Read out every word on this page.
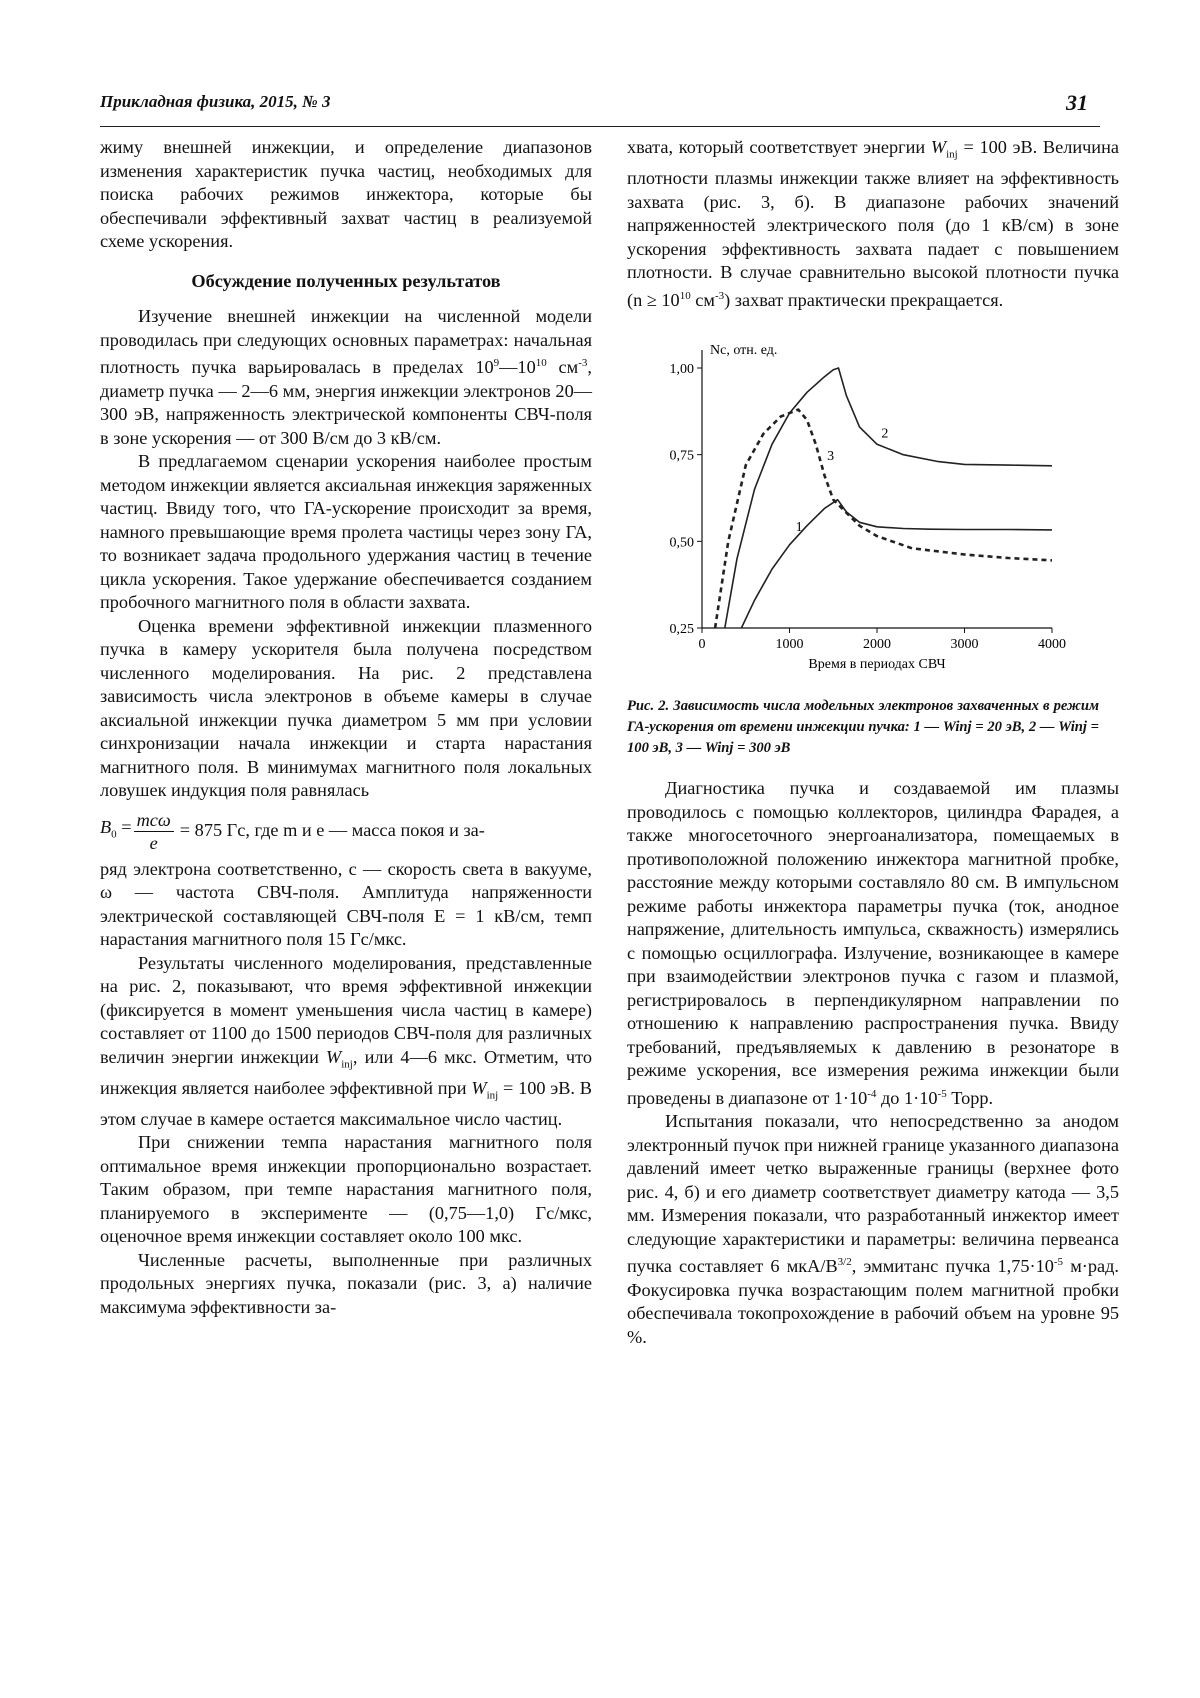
Прикладная физика, 2015, № 3	31

жиму внешней инжекции, и определение диапазонов изменения характеристик пучка частиц, необходимых для поиска рабочих режимов инжектора, которые бы обеспечивали эффективный захват частиц в реализуемой схеме ускорения.

Обсуждение полученных результатов

Изучение внешней инжекции на численной модели проводилась при следующих основных параметрах: начальная плотность пучка варьировалась в пределах $10^9—10^{10}$ $см^{-3}$, диаметр пучка — 2—6 мм, энергия инжекции электронов 20—300 эВ, напряженность электрической компоненты СВЧ-поля в зоне ускорения — от 300 В/см до 3 кВ/см.

В предлагаемом сценарии ускорения наиболее простым методом инжекции является аксиальная инжекция заряженных частиц. Ввиду того, что ГА-ускорение происходит за время, намного превышающие время пролета частицы через зону ГА, то возникает задача продольного удержания частиц в течение цикла ускорения. Такое удержание обеспечивается созданием пробочного магнитного поля в области захвата.

Оценка времени эффективной инжекции плазменного пучка в камеру ускорителя была получена посредством численного моделирования. На рис. 2 представлена зависимость числа электронов в объеме камеры в случае аксиальной инжекции пучка диаметром 5 мм при условии синхронизации начала инжекции и старта нарастания магнитного поля. В минимумах магнитного поля локальных ловушек индукция поля равнялась

$B_0 = \frac{\text{mcω}}{e} = 875$ Гс, где m и e — масса покоя и за-

ряд электрона соответственно, c — скорость света в вакууме, ω — частота СВЧ-поля. Амплитуда напряженности электрической составляющей СВЧ-поля E = 1 кВ/см, темп нарастания магнитного поля 15 Гс/мкс.

Результаты численного моделирования, представленные на рис. 2, показывают, что время эффективной инжекции (фиксируется в момент уменьшения числа частиц в камере) составляет от 1100 до 1500 периодов СВЧ-поля для различных величин энергии инжекции $W_{inj}$, или 4—6 мкс. Отметим, что инжекция является наиболее эффективной при $W_{inj} = 100$ эВ. В этом случае в камере остается максимальное число частиц.

При снижении темпа нарастания магнитного поля оптимальное время инжекции пропорционально возрастает. Таким образом, при темпе нарастания магнитного поля, планируемого в эксперименте — (0,75—1,0) Гс/мкс, оценочное время инжекции составляет около 100 мкс.

Численные расчеты, выполненные при различных продольных энергиях пучка, показали (рис. 3, а) наличие максимума эффективности за-

хвата, который соответствует энергии $W_{inj} = 100$ эВ. Величина плотности плазмы инжекции также влияет на эффективность захвата (рис. 3, б). В диапазоне рабочих значений напряженностей электрического поля (до 1 кВ/см) в зоне ускорения эффективность захвата падает с повышением плотности. В случае сравнительно высокой плотности пучка ($n \ge 10^{10}$ $см^{-3}$) захват практически прекращается.

0,25
0,50
0,75
1,00
0	1000	2000	3000	4000
Nc, отн. ед.
Время в периодах СВЧ
1
2
3

Рис. 2. Зависимость числа модельных электронов захваченных в режим ГА-ускорения от времени инжекции пучка: 1 — Winj = 20 эВ, 2 — Winj = 100 эВ, 3 — Winj = 300 эВ

Диагностика пучка и создаваемой им плазмы проводилось с помощью коллекторов, цилиндра Фарадея, а также многосеточного энергоанализатора, помещаемых в противоположной положению инжектора магнитной пробке, расстояние между которыми составляло 80 см. В импульсном режиме работы инжектора параметры пучка (ток, анодное напряжение, длительность импульса, скважность) измерялись с помощью осциллографа. Излучение, возникающее в камере при взаимодействии электронов пучка с газом и плазмой, регистрировалось в перпендикулярном направлении по отношению к направлению распространения пучка. Ввиду требований, предъявляемых к давлению в резонаторе в режиме ускорения, все измерения режима инжекции были проведены в диапазоне от $1\cdot 10^{-4}$ до $1\cdot 10^{-5}$ Торр.

Испытания показали, что непосредственно за анодом электронный пучок при нижней границе указанного диапазона давлений имеет четко выраженные границы (верхнее фото рис. 4, б) и его диаметр соответствует диаметру катода — 3,5 мм. Измерения показали, что разработанный инжектор имеет следующие характеристики и параметры: величина первеанса пучка составляет 6 мкА/$В^{3/2}$, эммитанс пучка $1,75\cdot 10^{-5}$ м·рад. Фокусировка пучка возрастающим полем магнитной пробки обеспечивала токопрохождение в рабочий объем на уровне 95 %.
